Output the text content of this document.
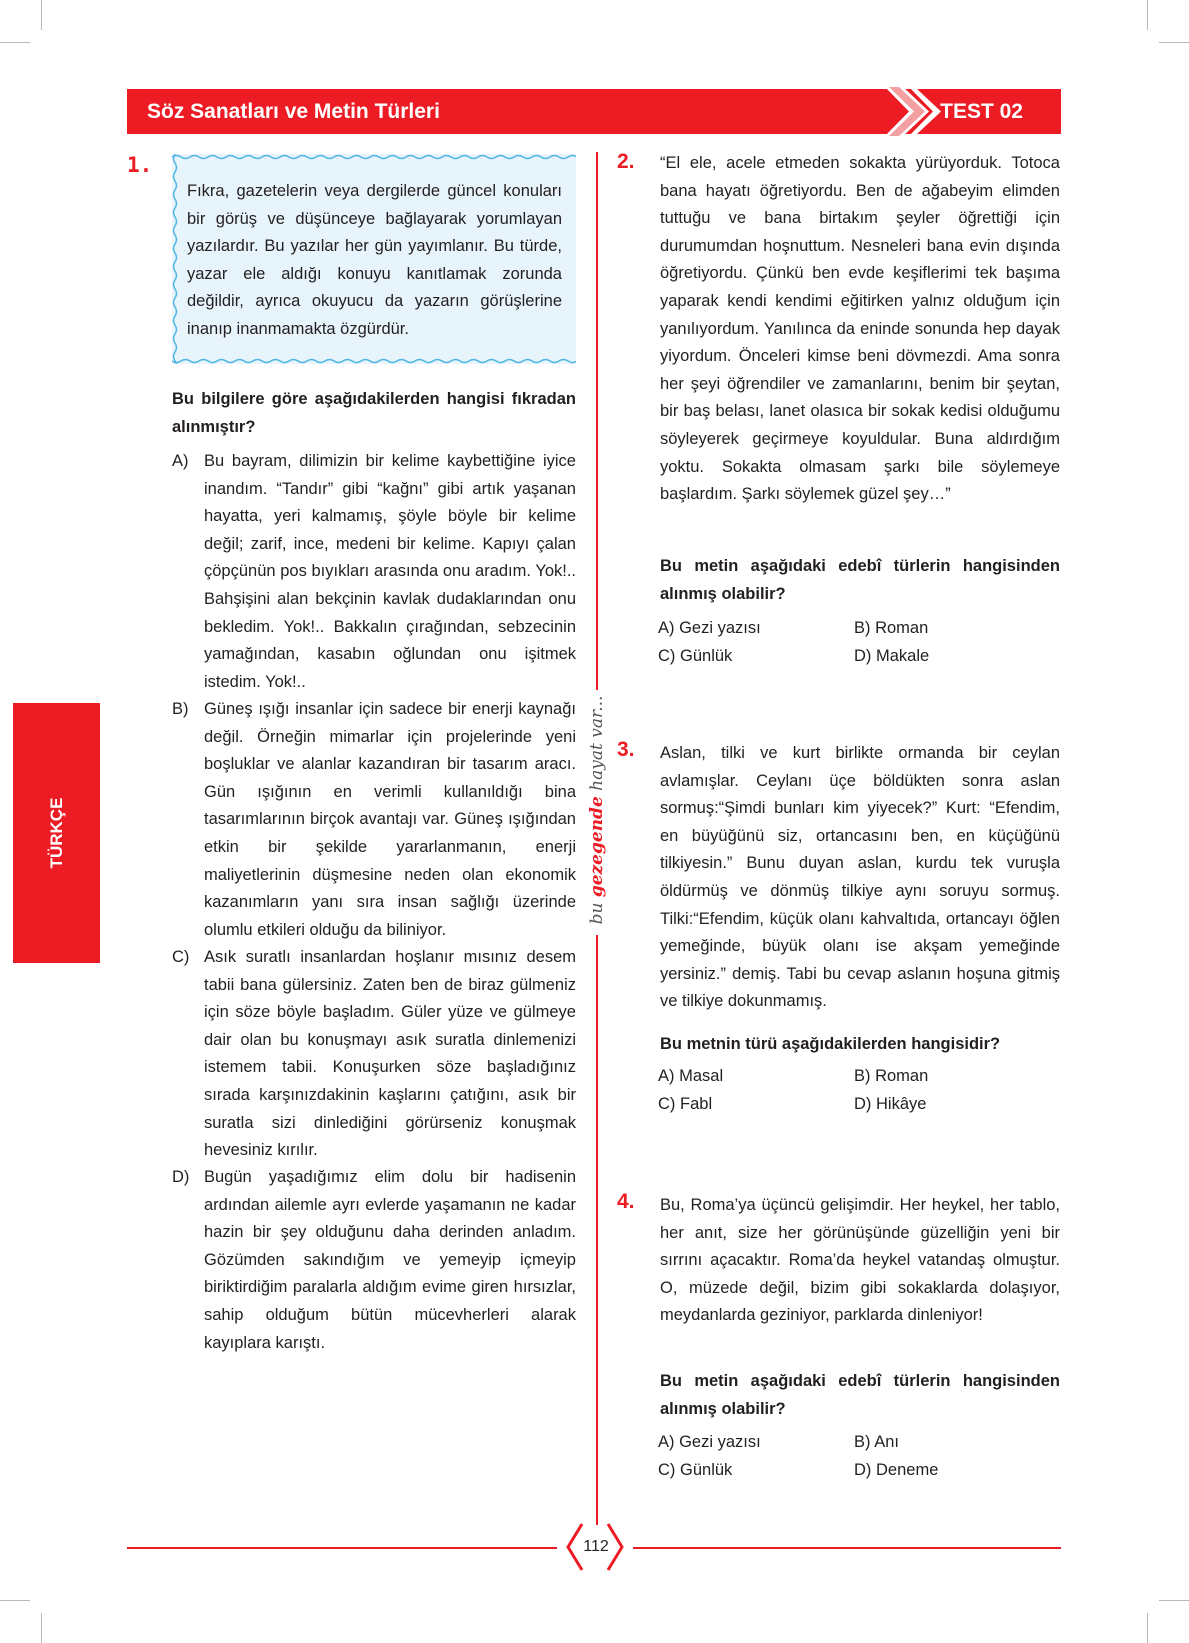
Söz Sanatları ve Metin Türleri	TEST 02
TÜRKÇE
bu gezegende hayat var...
1.
Fıkra, gazetelerin veya dergilerde güncel konuları bir görüş ve düşünceye bağlayarak yorumlayan yazılardır. Bu yazılar her gün yayımlanır. Bu türde, yazar ele aldığı konuyu kanıtlamak zorunda değildir, ayrıca okuyucu da yazarın görüşlerine inanıp inanmamakta özgürdür.
Bu bilgilere göre aşağıdakilerden hangisi fıkradan alınmıştır?
A) Bu bayram, dilimizin bir kelime kaybettiğine iyice inandım. “Tandır” gibi “kağnı” gibi artık yaşanan hayatta, yeri kalmamış, şöyle böyle bir kelime değil; zarif, ince, medeni bir kelime. Kapıyı çalan çöpçünün pos bıyıkları arasında onu aradım. Yok!.. Bahşişini alan bekçinin kavlak dudaklarından onu bekledim. Yok!.. Bakkalın çırağından, sebzecinin yamağından, kasabın oğlundan onu işitmek istedim. Yok!..
B) Güneş ışığı insanlar için sadece bir enerji kaynağı değil. Örneğin mimarlar için projelerinde yeni boşluklar ve alanlar kazandıran bir tasarım aracı. Gün ışığının en verimli kullanıldığı bina tasarımlarının birçok avantajı var. Güneş ışığından etkin bir şekilde yararlanmanın, enerji maliyetlerinin düşmesine neden olan ekonomik kazanımların yanı sıra insan sağlığı üzerinde olumlu etkileri olduğu da biliniyor.
C) Asık suratlı insanlardan hoşlanır mısınız desem tabii bana gülersiniz. Zaten ben de biraz gülmeniz için söze böyle başladım. Güler yüze ve gülmeye dair olan bu konuşmayı asık suratla dinlemenizi istemem tabii. Konuşurken söze başladığınız sırada karşınızdakinin kaşlarını çatığını, asık bir suratla sizi dinlediğini görürseniz konuşmak hevesiniz kırılır.
D) Bugün yaşadığımız elim dolu bir hadisenin ardından ailemle ayrı evlerde yaşamanın ne kadar hazin bir şey olduğunu daha derinden anladım. Gözümden sakındığım ve yemeyip içmeyip biriktirdiğim paralarla aldığım evime giren hırsızlar, sahip olduğum bütün mücevherleri alarak kayıplara karıştı.
2. “El ele, acele etmeden sokakta yürüyorduk. Totoca bana hayatı öğretiyordu. Ben de ağabeyim elimden tuttuğu ve bana birtakım şeyler öğrettiği için durumumdan hoşnuttum. Nesneleri bana evin dışında öğretiyordu. Çünkü ben evde keşiflerimi tek başıma yaparak kendi kendimi eğitirken yalnız olduğum için yanılıyordum. Yanılınca da eninde sonunda hep dayak yiyordum. Önceleri kimse beni dövmezdi. Ama sonra her şeyi öğrendiler ve zamanlarını, benim bir şeytan, bir baş belası, lanet olasıca bir sokak kedisi olduğumu söyleyerek geçirmeye koyuldular. Buna aldırdığım yoktu. Sokakta olmasam şarkı bile söylemeye başlardım. Şarkı söylemek güzel şey…”
Bu metin aşağıdaki edebî türlerin hangisinden alınmış olabilir?
A) Gezi yazısı	B) Roman
C) Günlük	D) Makale
3. Aslan, tilki ve kurt birlikte ormanda bir ceylan avlamışlar. Ceylanı üçe böldükten sonra aslan sormuş:“Şimdi bunları kim yiyecek?” Kurt: “Efendim, en büyüğünü siz, ortancasını ben, en küçüğünü tilkiyesin.” Bunu duyan aslan, kurdu tek vuruşla öldürmüş ve dönmüş tilkiye aynı soruyu sormuş. Tilki:“Efendim, küçük olanı kahvaltıda, ortancayı öğlen yemeğinde, büyük olanı ise akşam yemeğinde yersiniz.” demiş. Tabi bu cevap aslanın hoşuna gitmiş ve tilkiye dokunmamış.
Bu metnin türü aşağıdakilerden hangisidir?
A) Masal	B) Roman
C) Fabl	D) Hikâye
4. Bu, Roma’ya üçüncü gelişimdir. Her heykel, her tablo, her anıt, size her görünüşünde güzelliğin yeni bir sırrını açacaktır. Roma’da heykel vatandaş olmuştur. O, müzede değil, bizim gibi sokaklarda dolaşıyor, meydanlarda geziniyor, parklarda dinleniyor!
Bu metin aşağıdaki edebî türlerin hangisinden alınmış olabilir?
A) Gezi yazısı	B) Anı
C) Günlük	D) Deneme
112
